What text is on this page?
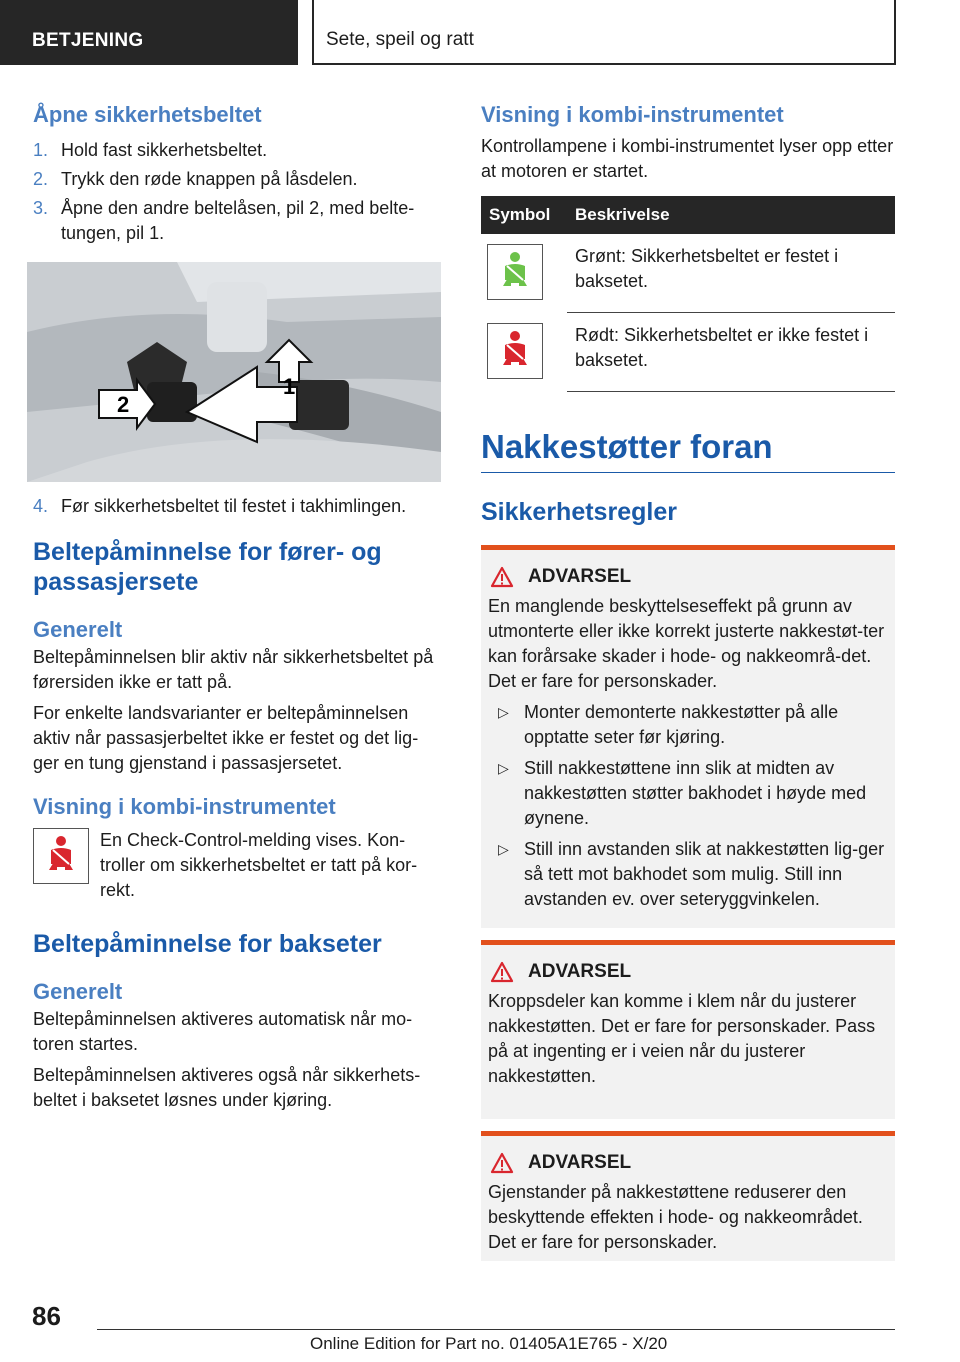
BETJENING	Sete, speil og ratt
Åpne sikkerhetsbeltet
1. Hold fast sikkerhetsbeltet.
2. Trykk den røde knappen på låsdelen.
3. Åpne den andre beltelåsen, pil 2, med belte-tungen, pil 1.
2
1
4. Før sikkerhetsbeltet til festet i takhimlingen.
Beltepåminnelse for fører- og passasjersete
Generelt

Beltepåminnelsen blir aktiv når sikkerhetsbeltet på førersiden ikke er tatt på.

For enkelte landsvarianter er beltepåminnelsen aktiv når passasjerbeltet ikke er festet og det lig-ger en tung gjenstand i passasjersetet.

Visning i kombi-instrumentet

En Check-Control-melding vises. Kon-troller om sikkerhetsbeltet er tatt på kor-rekt.

Beltepåminnelse for bakseter
Generelt

Beltepåminnelsen aktiveres automatisk når mo-toren startes.

Beltepåminnelsen aktiveres også når sikkerhets-beltet i baksetet løsnes under kjøring.

Visning i kombi-instrumentet

Kontrollampene i kombi-instrumentet lyser opp etter at motoren er startet.

Symbol	Beskrivelse

	Grønt: Sikkerhetsbeltet er festet i baksetet.

	Rødt: Sikkerhetsbeltet er ikke festet i baksetet.
Nakkestøtter foran
Sikkerhetsregler
ADVARSEL

En manglende beskyttelseseffekt på grunn av utmonterte eller ikke korrekt justerte nakkestøt-ter kan forårsake skader i hode- og nakkeområ-det. Det er fare for personskader.

▷ Monter demonterte nakkestøtter på alle opptatte seter før kjøring.
▷ Still nakkestøttene inn slik at midten av nakkestøtten støtter bakhodet i høyde med øynene.
▷ Still inn avstanden slik at nakkestøtten lig-ger så tett mot bakhodet som mulig. Still inn avstanden ev. over seteryggvinkelen.
ADVARSEL

Kroppsdeler kan komme i klem når du justerer nakkestøtten. Det er fare for personskader. Pass på at ingenting er i veien når du justerer nakkestøtten.

ADVARSEL

Gjenstander på nakkestøttene reduserer den beskyttende effekten i hode- og nakkeområdet. Det er fare for personskader.

86
Online Edition for Part no. 01405A1E765 - X/20
